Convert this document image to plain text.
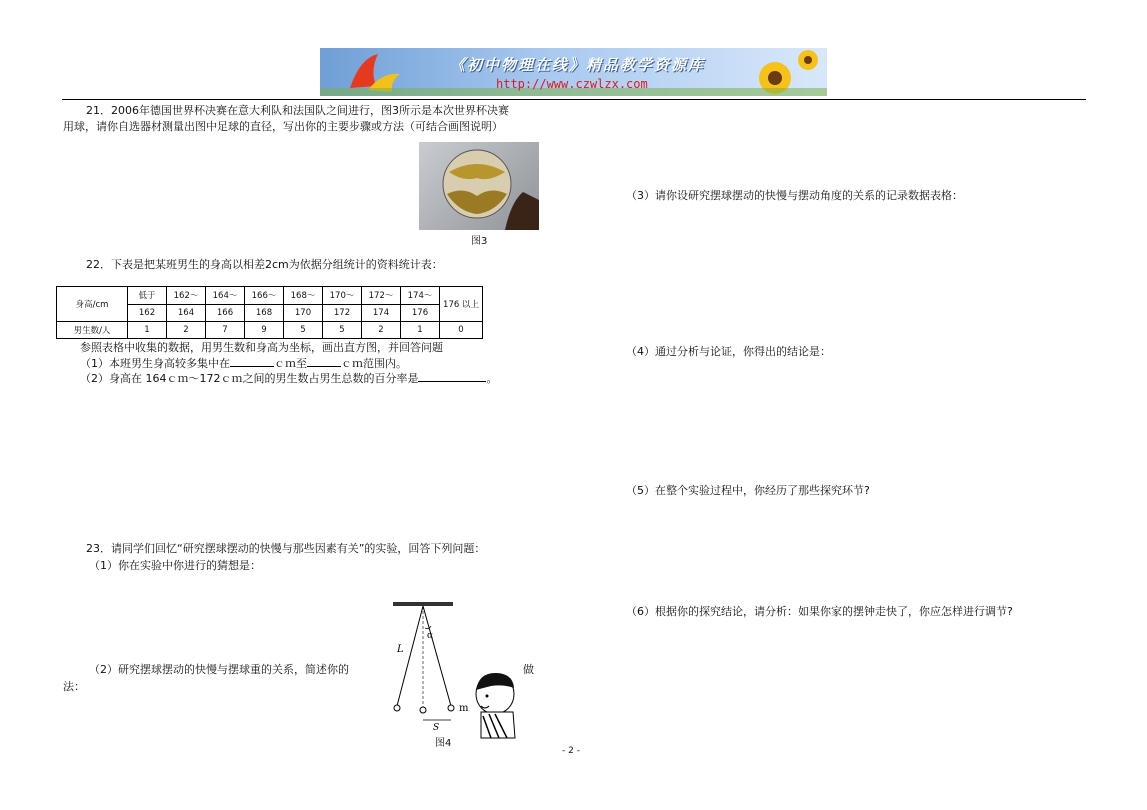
《初中物理在线》精品教学资源库
http://www.czwlzx.com
21．2006年德国世界杯决赛在意大利队和法国队之间进行，图3所示是本次世界杯决赛
用球，请你自选器材测量出图中足球的直径，写出你的主要步骤或方法（可结合画图说明）
图3
22．下表是把某班男生的身高以相差2cm为依据分组统计的资料统计表：
身高/cm	低于	162～	164～	166～	168～	170～	172～	174～	176 以上
	162	164	166	168	170	172	174	176	
男生数/人	1	2	7	9	5	5	2	1	0
参照表格中收集的数据，用男生数和身高为坐标，画出直方图，并回答问题
（1）本班男生身高较多集中在	ｃｍ至	ｃｍ范围内。
（2）身高在 164ｃｍ～172ｃｍ之间的男生数占男生总数的百分率是	。
23．请同学们回忆“研究摆球摆动的快慢与那些因素有关”的实验，回答下列问题：
（1）你在实验中你进行的猜想是：
（2）研究摆球摆动的快慢与摆球重的关系，简述你的	做
法：
L
α
S
m
图4
（3）请你设研究摆球摆动的快慢与摆动角度的关系的记录数据表格：
（4）通过分析与论证，你得出的结论是：
（5）在整个实验过程中，你经历了那些探究环节?
（6）根据你的探究结论，请分析：如果你家的摆钟走快了，你应怎样进行调节?
- 2 -
